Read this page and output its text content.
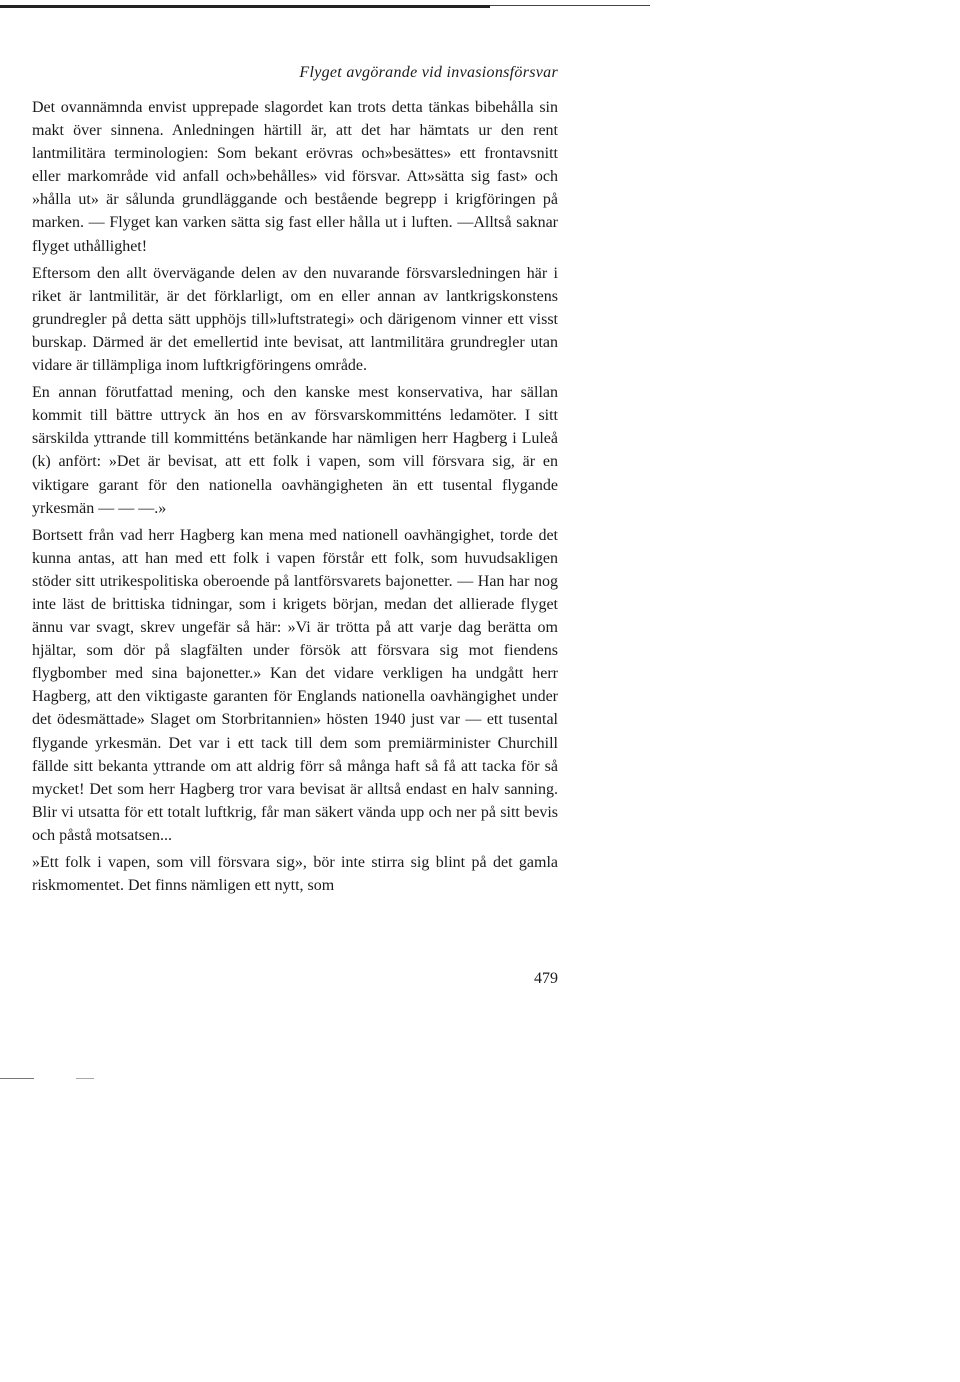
Flyget avgörande vid invasionsförsvar

Det ovannämnda envist upprepade slagordet kan trots detta tänkas bibehålla sin makt över sinnena. Anledningen härtill är, att det har hämtats ur den rent lantmilitära terminologien: Som bekant erövras och»besättes» ett frontavsnitt eller markområde vid anfall och»behålles» vid försvar. Att»sätta sig fast» och »hålla ut» är sålunda grundläggande och bestående begrepp i krigföringen på marken. — Flyget kan varken sätta sig fast eller hålla ut i luften. —Alltså saknar flyget uthållighet!

Eftersom den allt övervägande delen av den nuvarande försvarsledningen här i riket är lantmilitär, är det förklarligt, om en eller annan av lantkrigskonstens grundregler på detta sätt upphöjs till»luftstrategi» och därigenom vinner ett visst burskap. Därmed är det emellertid inte bevisat, att lantmilitära grundregler utan vidare är tillämpliga inom luftkrigföringens område.

En annan förutfattad mening, och den kanske mest konservativa, har sällan kommit till bättre uttryck än hos en av försvarskommitténs ledamöter. I sitt särskilda yttrande till kommitténs betänkande har nämligen herr Hagberg i Luleå (k) anfört: »Det är bevisat, att ett folk i vapen, som vill försvara sig, är en viktigare garant för den nationella oavhängigheten än ett tusental flygande yrkesmän — — —.»

Bortsett från vad herr Hagberg kan mena med nationell oavhängighet, torde det kunna antas, att han med ett folk i vapen förstår ett folk, som huvudsakligen stöder sitt utrikespolitiska oberoende på lantförsvarets bajonetter. — Han har nog inte läst de brittiska tidningar, som i krigets början, medan det allierade flyget ännu var svagt, skrev ungefär så här: »Vi är trötta på att varje dag berätta om hjältar, som dör på slagfälten under försök att försvara sig mot fiendens flygbomber med sina bajonetter.» Kan det vidare verkligen ha undgått herr Hagberg, att den viktigaste garanten för Englands nationella oavhängighet under det ödesmättade» Slaget om Storbritannien» hösten 1940 just var — ett tusental flygande yrkesmän. Det var i ett tack till dem som premiärminister Churchill fällde sitt bekanta yttrande om att aldrig förr så många haft så få att tacka för så mycket! Det som herr Hagberg tror vara bevisat är alltså endast en halv sanning. Blir vi utsatta för ett totalt luftkrig, får man säkert vända upp och ner på sitt bevis och påstå motsatsen...

»Ett folk i vapen, som vill försvara sig», bör inte stirra sig blint på det gamla riskmomentet. Det finns nämligen ett nytt, som

479
